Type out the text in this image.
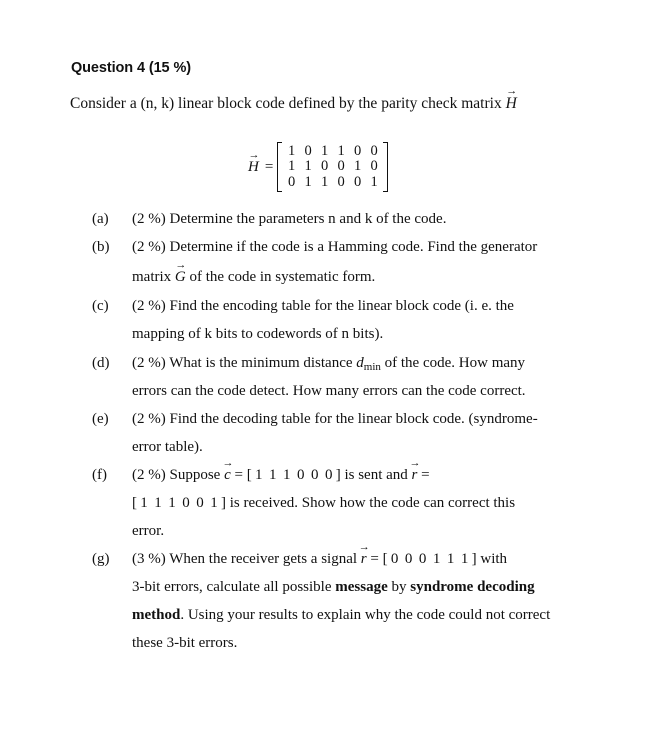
Question 4 (15 %)
Consider a (n, k) linear block code defined by the parity check matrix → H
→ H =
1 0 1 1 0 0
1 1 0 0 1 0
0 1 1 0 0 1
(a) (2 %) Determine the parameters n and k of the code.
(b) (2 %) Determine if the code is a Hamming code. Find the generator
matrix → G of the code in systematic form.
(c) (2 %) Find the encoding table for the linear block code (i. e. the
mapping of k bits to codewords of n bits).
(d) (2 %) What is the minimum distance $d_{min}$ of the code. How many
errors can the code detect. How many errors can the code correct.
(e) (2 %) Find the decoding table for the linear block code. (syndrome-
error table).
(f) (2 %) Suppose → c = [ 1 1 1 0 0 0 ] is sent and → r =
[ 1 1 1 0 0 1 ] is received. Show how the code can correct this
error.
(g) (3 %) When the receiver gets a signal → r = [ 0 0 0 1 1 1 ] with
3-bit errors, calculate all possible message by syndrome decoding
method. Using your results to explain why the code could not correct
these 3-bit errors.
